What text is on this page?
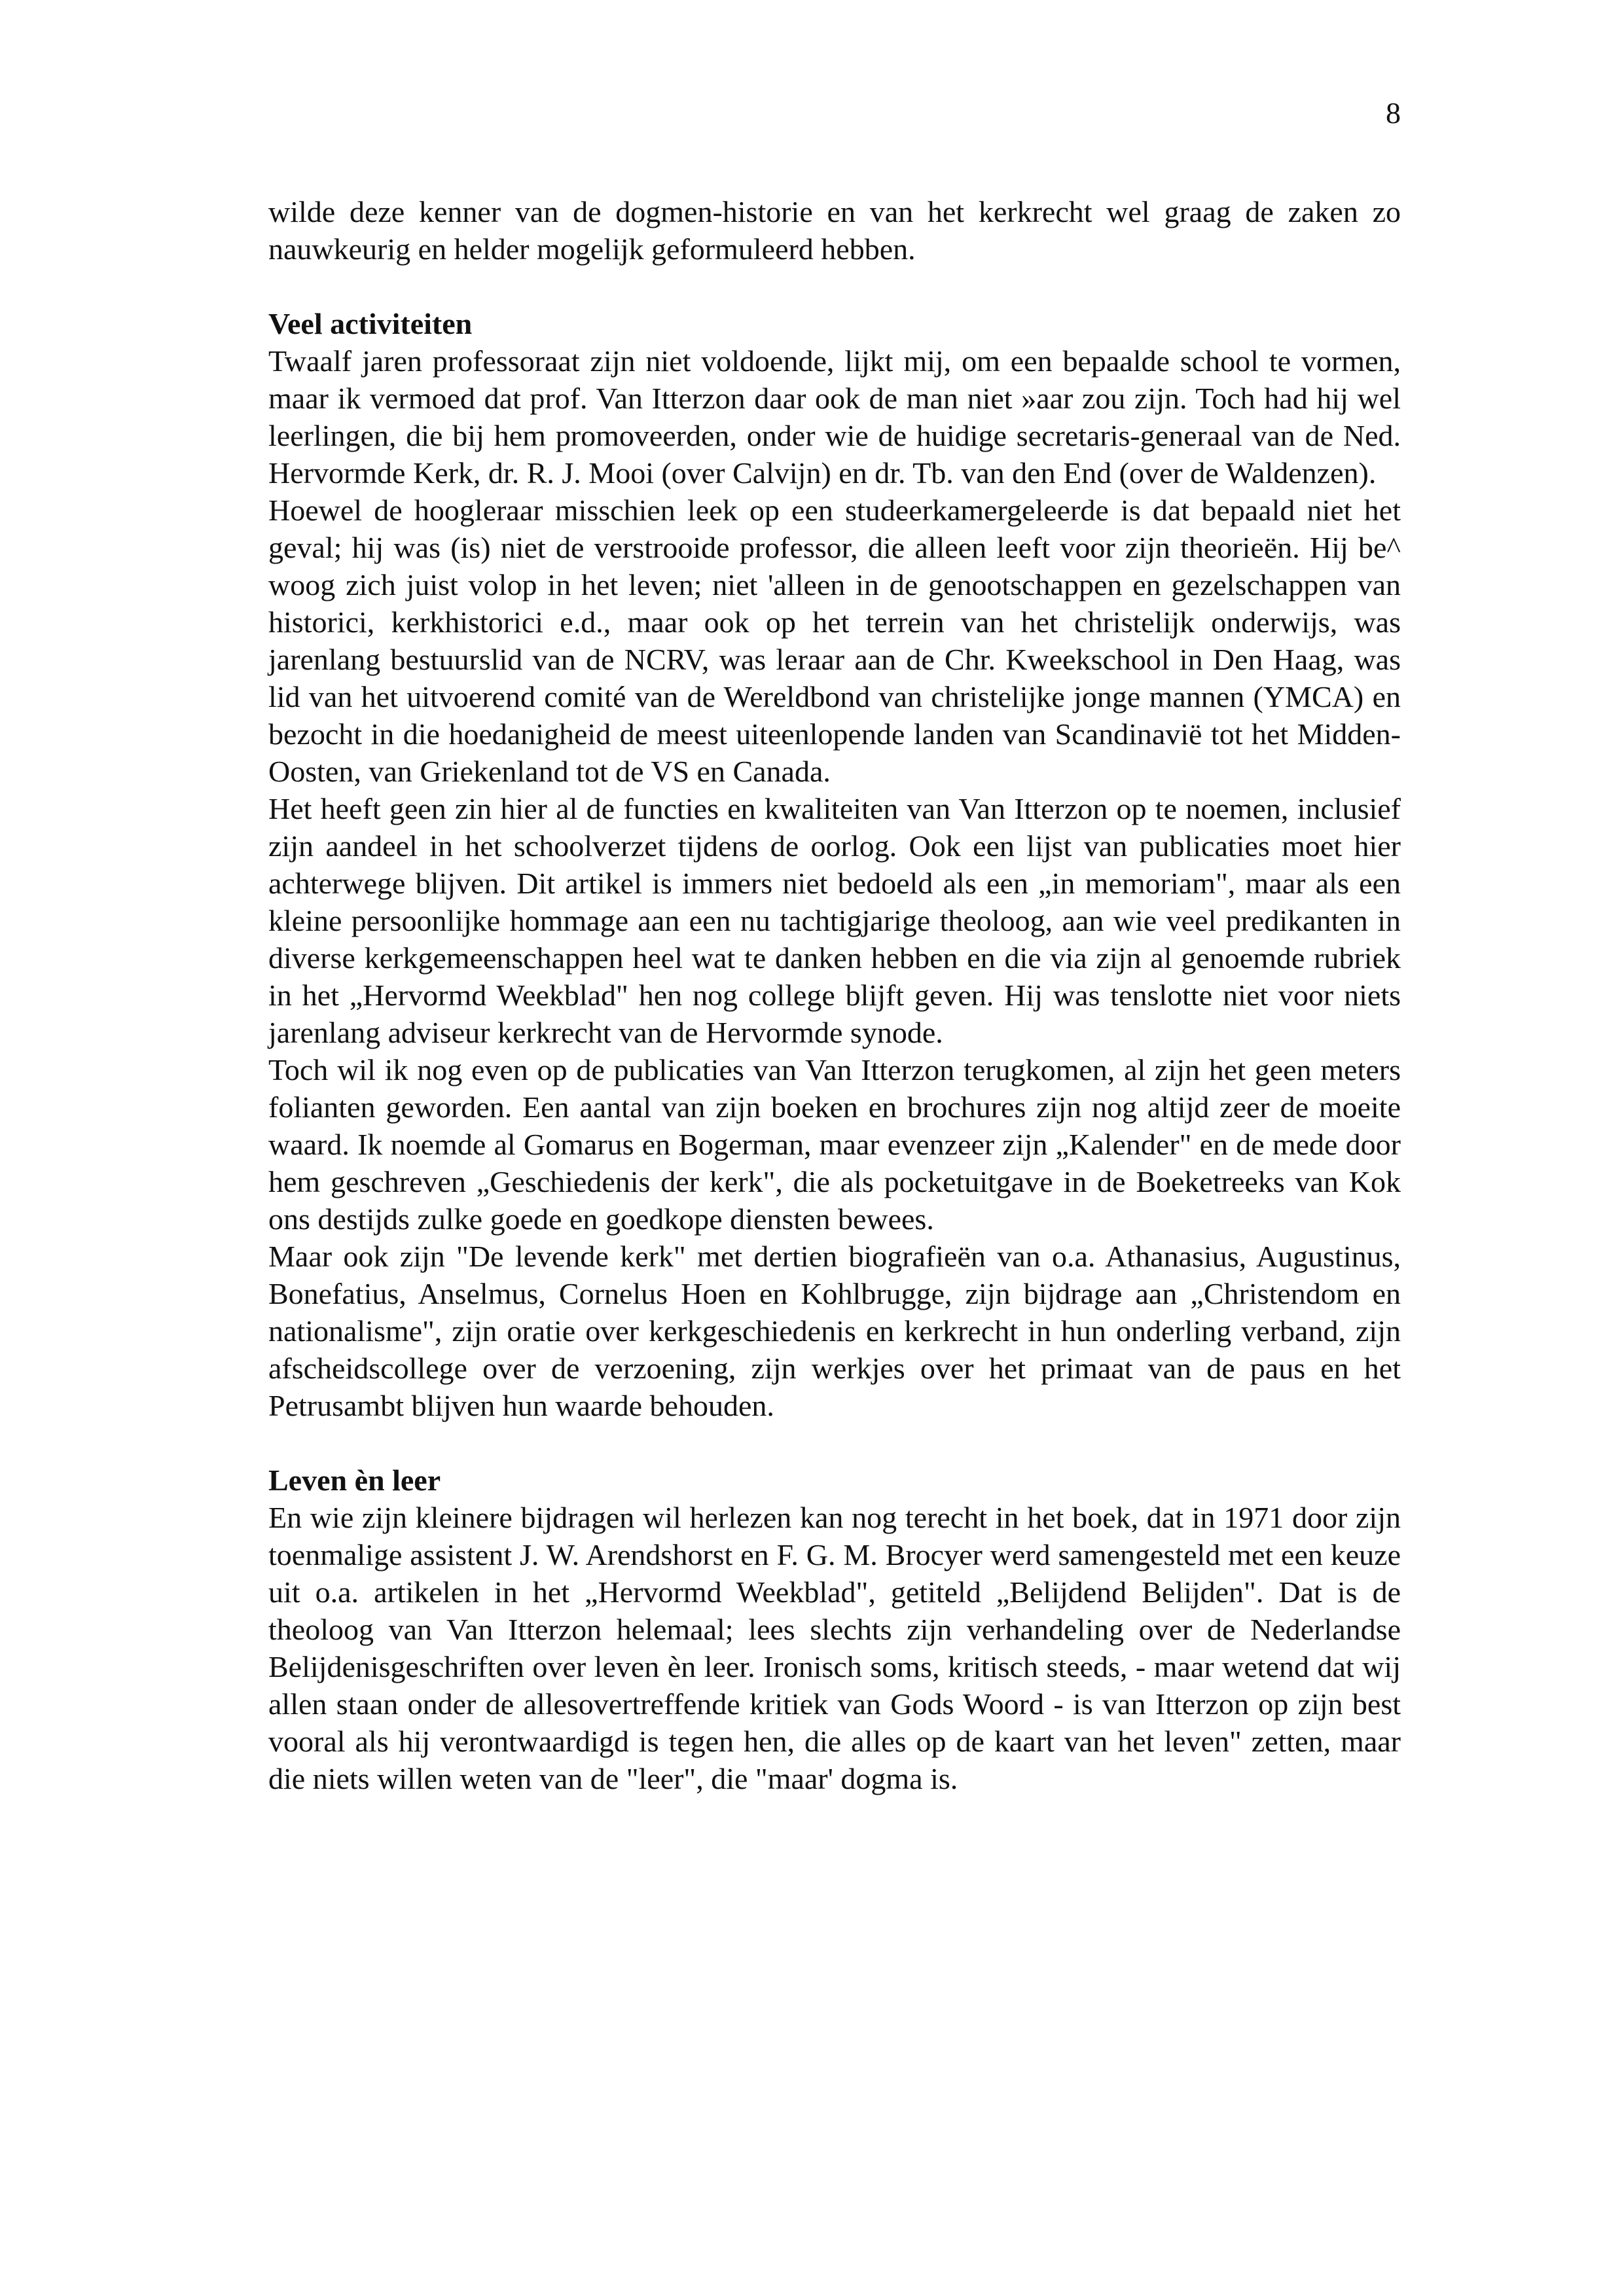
8

wilde deze kenner van de dogmen-historie en van het kerkrecht wel graag de zaken zo nauwkeurig en helder mogelijk geformuleerd hebben.

Veel activiteiten

Twaalf jaren professoraat zijn niet voldoende, lijkt mij, om een bepaalde school te vormen, maar ik vermoed dat prof. Van Itterzon daar ook de man niet »aar zou zijn. Toch had hij wel leerlingen, die bij hem promoveerden, onder wie de huidige secretaris-generaal van de Ned. Hervormde Kerk, dr. R. J. Mooi (over Calvijn) en dr. Tb. van den End (over de Waldenzen).

Hoewel de hoogleraar misschien leek op een studeerkamergeleerde is dat bepaald niet het geval; hij was (is) niet de verstrooide professor, die alleen leeft voor zijn theorieën. Hij be^ woog zich juist volop in het leven; niet 'alleen in de genootschappen en gezelschappen van historici, kerkhistorici e.d., maar ook op het terrein van het christelijk onderwijs, was jarenlang bestuurslid van de NCRV, was leraar aan de Chr. Kweekschool in Den Haag, was lid van het uitvoerend comité van de Wereldbond van christelijke jonge mannen (YMCA) en bezocht in die hoedanigheid de meest uiteenlopende landen van Scandinavië tot het Midden-Oosten, van Griekenland tot de VS en Canada.

Het heeft geen zin hier al de functies en kwaliteiten van Van Itterzon op te noemen, inclusief zijn aandeel in het schoolverzet tijdens de oorlog. Ook een lijst van publicaties moet hier achterwege blijven. Dit artikel is immers niet bedoeld als een „in memoriam", maar als een kleine persoonlijke hommage aan een nu tachtigjarige theoloog, aan wie veel predikanten in diverse kerkgemeenschappen heel wat te danken hebben en die via zijn al genoemde rubriek in het „Hervormd Weekblad" hen nog college blijft geven. Hij was tenslotte niet voor niets jarenlang adviseur kerkrecht van de Hervormde synode.

Toch wil ik nog even op de publicaties van Van Itterzon terugkomen, al zijn het geen meters folianten geworden. Een aantal van zijn boeken en brochures zijn nog altijd zeer de moeite waard. Ik noemde al Gomarus en Bogerman, maar evenzeer zijn „Kalender" en de mede door hem geschreven „Geschiedenis der kerk", die als pocketuitgave in de Boeketreeks van Kok ons destijds zulke goede en goedkope diensten bewees.

Maar ook zijn "De levende kerk" met dertien biografieën van o.a. Athanasius, Augustinus, Bonefatius, Anselmus, Cornelus Hoen en Kohlbrugge, zijn bijdrage aan „Christendom en nationalisme", zijn oratie over kerkgeschiedenis en kerkrecht in hun onderling verband, zijn afscheidscollege over de verzoening, zijn werkjes over het primaat van de paus en het Petrusambt blijven hun waarde behouden.

Leven èn leer

En wie zijn kleinere bijdragen wil herlezen kan nog terecht in het boek, dat in 1971 door zijn toenmalige assistent J. W. Arendshorst en F. G. M. Brocyer werd samengesteld met een keuze uit o.a. artikelen in het „Hervormd Weekblad", getiteld „Belijdend Belijden". Dat is de theoloog van Van Itterzon helemaal; lees slechts zijn verhandeling over de Nederlandse Belijdenisgeschriften over leven èn leer. Ironisch soms, kritisch steeds, - maar wetend dat wij allen staan onder de allesovertreffende kritiek van Gods Woord - is van Itterzon op zijn best vooral als hij verontwaardigd is tegen hen, die alles op de kaart van het leven" zetten, maar die niets willen weten van de "leer", die "maar' dogma is.
